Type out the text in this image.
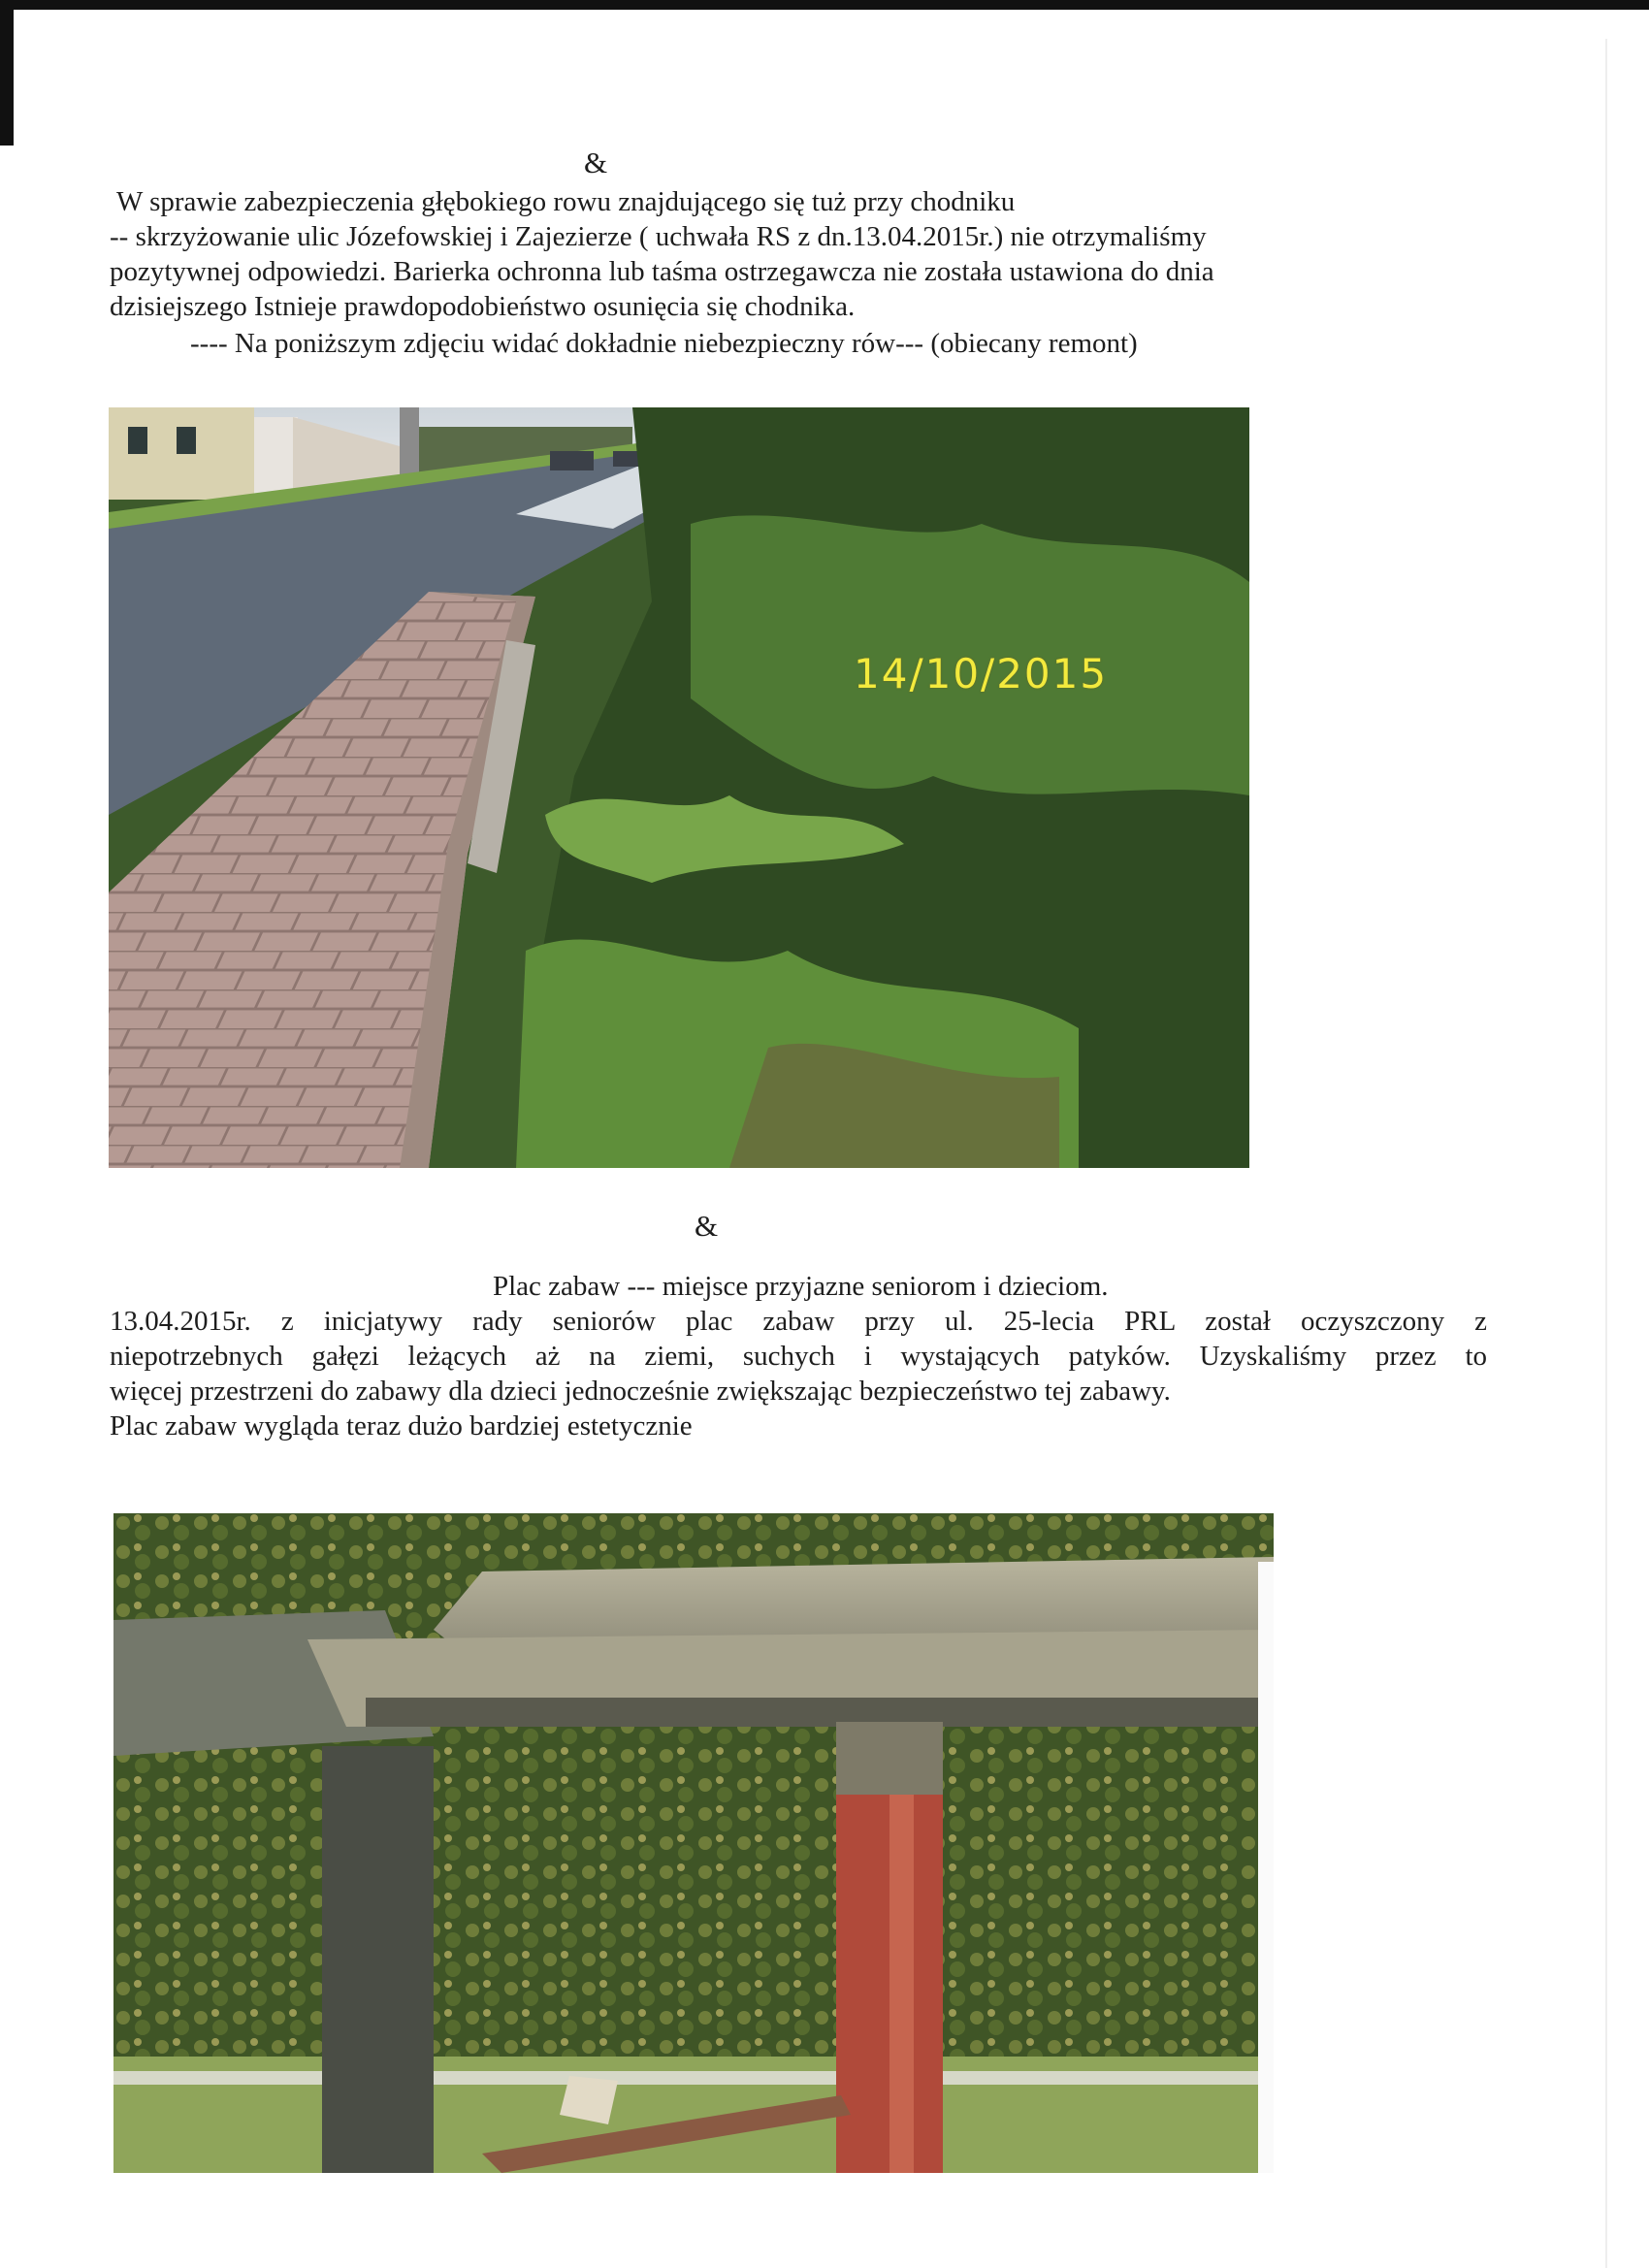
&

W sprawie zabezpieczenia głębokiego rowu znajdującego się tuż przy chodniku

-- skrzyżowanie ulic Józefowskiej i Zajezierze ( uchwała RS z dn.13.04.2015r.) nie otrzymaliśmy

pozytywnej odpowiedzi. Barierka ochronna lub taśma ostrzegawcza nie została ustawiona do dnia

dzisiejszego Istnieje prawdopodobieństwo osunięcia się chodnika.

---- Na poniższym zdjęciu widać dokładnie niebezpieczny rów--- (obiecany remont)

14/10/2015

&

Plac zabaw --- miejsce przyjazne seniorom i dzieciom.

13.04.2015r. z inicjatywy rady seniorów plac zabaw przy ul. 25-lecia PRL został oczyszczony z

niepotrzebnych gałęzi leżących aż na ziemi, suchych i wystających patyków. Uzyskaliśmy przez to

więcej przestrzeni do zabawy dla dzieci jednocześnie zwiększając bezpieczeństwo tej zabawy.

Plac zabaw wygląda teraz dużo bardziej estetycznie
